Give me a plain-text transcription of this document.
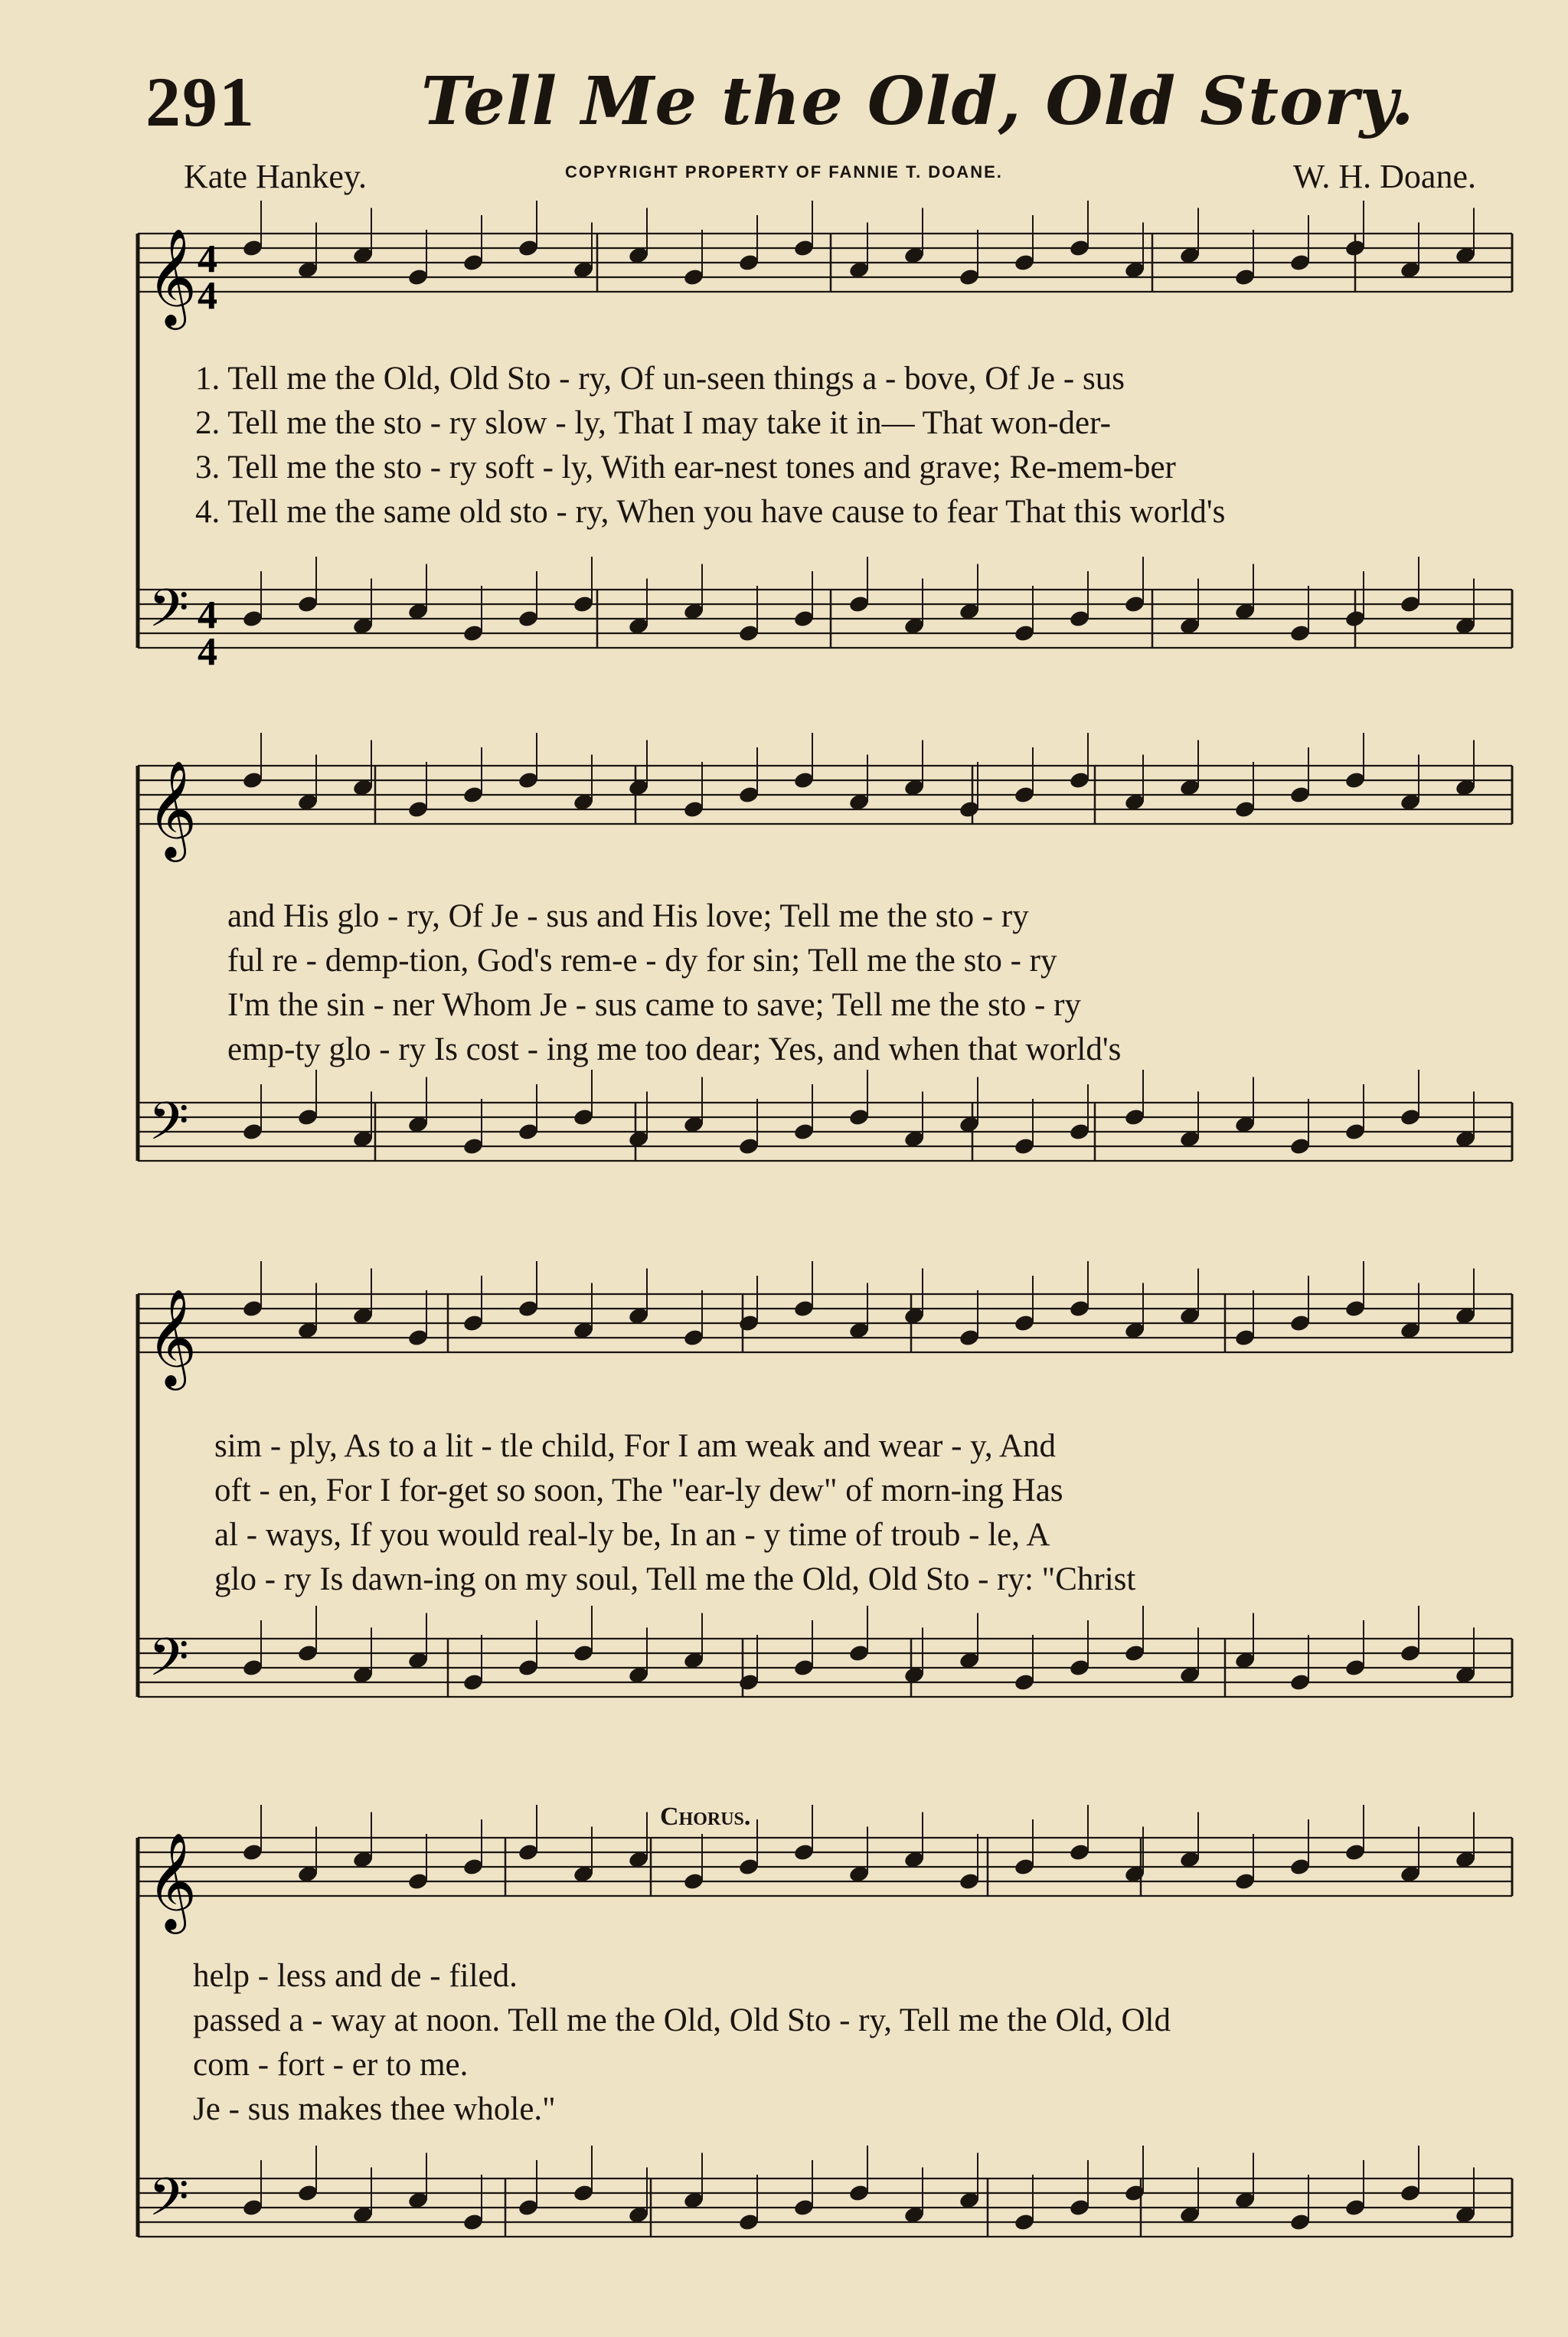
291	Tell Me the Old, Old Story.
Kate Hankey.	COPYRIGHT PROPERTY OF FANNIE T. DOANE.	W. H. Doane.
𝄞
𝄢
𝄞
𝄢
𝄞
𝄢
𝄞
𝄢
4
4
4
4
1. Tell me the Old, Old Sto - ry, Of un-seen things a - bove, Of Je - sus
2. Tell me the sto - ry slow - ly, That I may take it in— That won-der-
3. Tell me the sto - ry soft - ly, With ear-nest tones and grave; Re-mem-ber
4. Tell me the same old sto - ry, When you have cause to fear That this world's
and His glo - ry, Of Je - sus and His love; Tell me the sto - ry
ful re - demp-tion, God's rem-e - dy for sin; Tell me the sto - ry
I'm the sin - ner Whom Je - sus came to save; Tell me the sto - ry
emp-ty glo - ry Is cost - ing me too dear; Yes, and when that world's
sim - ply, As to a lit - tle child, For I am weak and wear - y, And
oft - en, For I for-get so soon, The "ear-ly dew" of morn-ing Has
al - ways, If you would real-ly be, In an - y time of troub - le, A
glo - ry Is dawn-ing on my soul, Tell me the Old, Old Sto - ry: "Christ
Chorus.
help - less and de - filed.
passed a - way at noon. Tell me the Old, Old Sto - ry, Tell me the Old, Old
com - fort - er to me.
Je - sus makes thee whole."
